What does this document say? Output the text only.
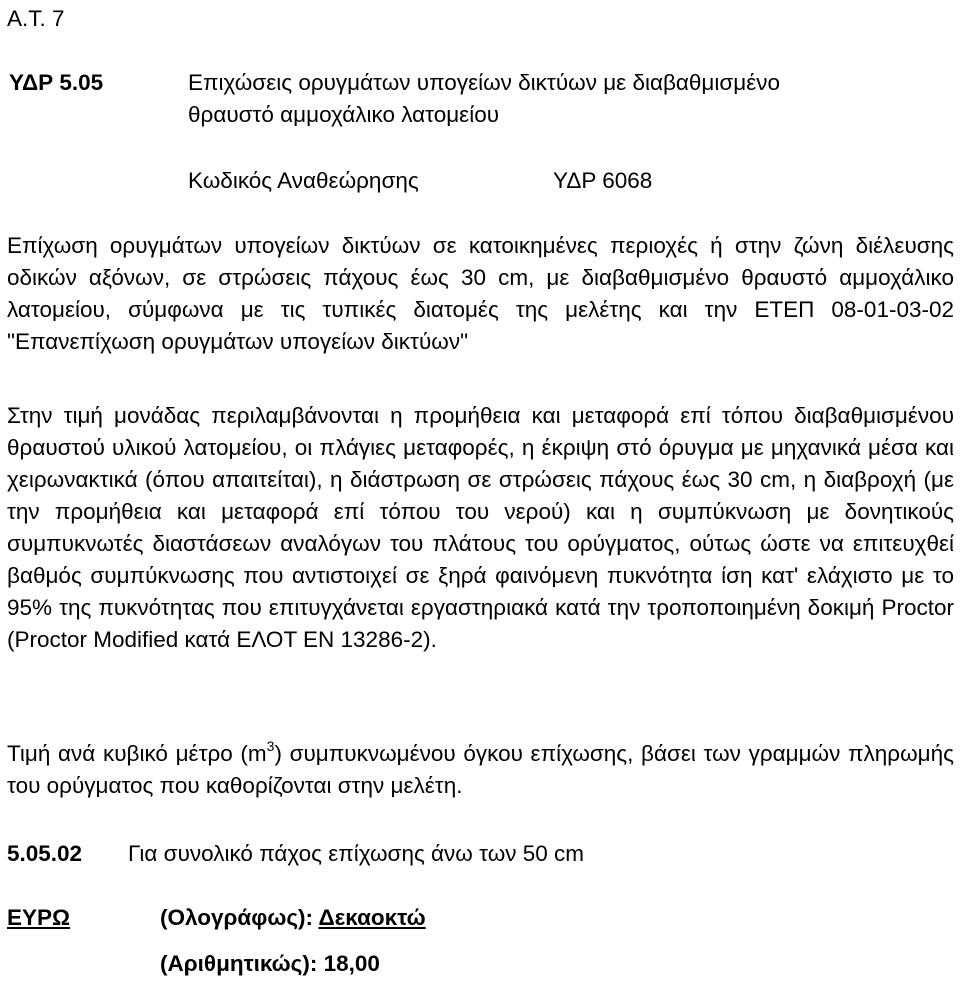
Α.Τ. 7
ΥΔΡ 5.05	Επιχώσεις ορυγμάτων υπογείων δικτύων με διαβαθμισμένο
θραυστό αμμοχάλικο λατομείου
Κωδικός Αναθεώρησης	ΥΔΡ 6068

Επίχωση ορυγμάτων υπογείων δικτύων σε κατοικημένες περιοχές ή στην ζώνη διέλευσης οδικών αξόνων, σε στρώσεις πάχους έως 30 cm, με διαβαθμισμένο θραυστό αμμοχάλικο λατομείου, σύμφωνα με τις τυπικές διατομές της μελέτης και την ΕΤΕΠ 08-01-03-02 "Επανεπίχωση ορυγμάτων υπογείων δικτύων"

Στην τιμή μονάδας περιλαμβάνονται η προμήθεια και μεταφορά επί τόπου διαβαθμισμένου θραυστού υλικού λατομείου, οι πλάγιες μεταφορές, η έκριψη στό όρυγμα με μηχανικά μέσα και χειρωνακτικά (όπου απαιτείται), η διάστρωση σε στρώσεις πάχους έως 30 cm, η διαβροχή (με την προμήθεια και μεταφορά επί τόπου του νερού) και η συμπύκνωση με δονητικούς συμπυκνωτές διαστάσεων αναλόγων του πλάτους του ορύγματος, ούτως ώστε να επιτευχθεί βαθμός συμπύκνωσης που αντιστοιχεί σε ξηρά φαινόμενη πυκνότητα ίση κατ' ελάχιστο με το 95% της πυκνότητας που επιτυγχάνεται εργαστηριακά κατά την τροποποιημένη δοκιμή Proctor (Proctor Modified κατά ΕΛΟΤ ΕΝ 13286-2).

Τιμή ανά κυβικό μέτρο $(m^3)$ συμπυκνωμένου όγκου επίχωσης, βάσει των γραμμών πληρωμής του ορύγματος που καθορίζονται στην μελέτη.

5.05.02 Για συνολικό πάχος επίχωσης άνω των 50 cm
ΕΥΡΩ	(Ολογράφως): Δεκαοκτώ
(Αριθμητικώς): 18,00
